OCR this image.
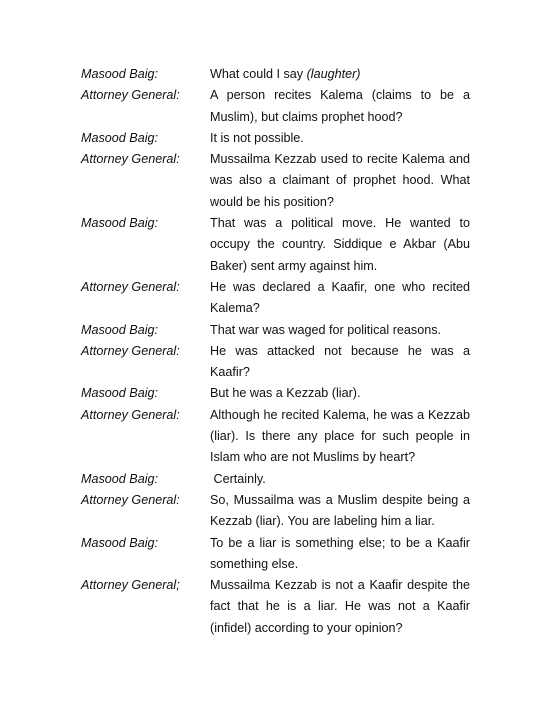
Masood Baig:	What could I say (laughter)
Attorney General:	A person recites Kalema (claims to be a Muslim), but claims prophet hood?
Masood Baig:	It is not possible.
Attorney General:	Mussailma Kezzab used to recite Kalema and was also a claimant of prophet hood. What would be his position?
Masood Baig:	That was a political move. He wanted to occupy the country. Siddique e Akbar (Abu Baker) sent army against him.
Attorney General:	He was declared a Kaafir, one who recited Kalema?
Masood Baig:	That war was waged for political reasons.
Attorney General:	He was attacked not because he was a Kaafir?
Masood Baig:	But he was a Kezzab (liar).
Attorney General:	Although he recited Kalema, he was a Kezzab (liar). Is there any place for such people in Islam who are not Muslims by heart?
Masood Baig:	Certainly.
Attorney General:	So, Mussailma was a Muslim despite being a Kezzab (liar). You are labeling him a liar.
Masood Baig:	To be a liar is something else; to be a Kaafir something else.
Attorney General;	Mussailma Kezzab is not a Kaafir despite the fact that he is a liar. He was not a Kaafir (infidel) according to your opinion?
